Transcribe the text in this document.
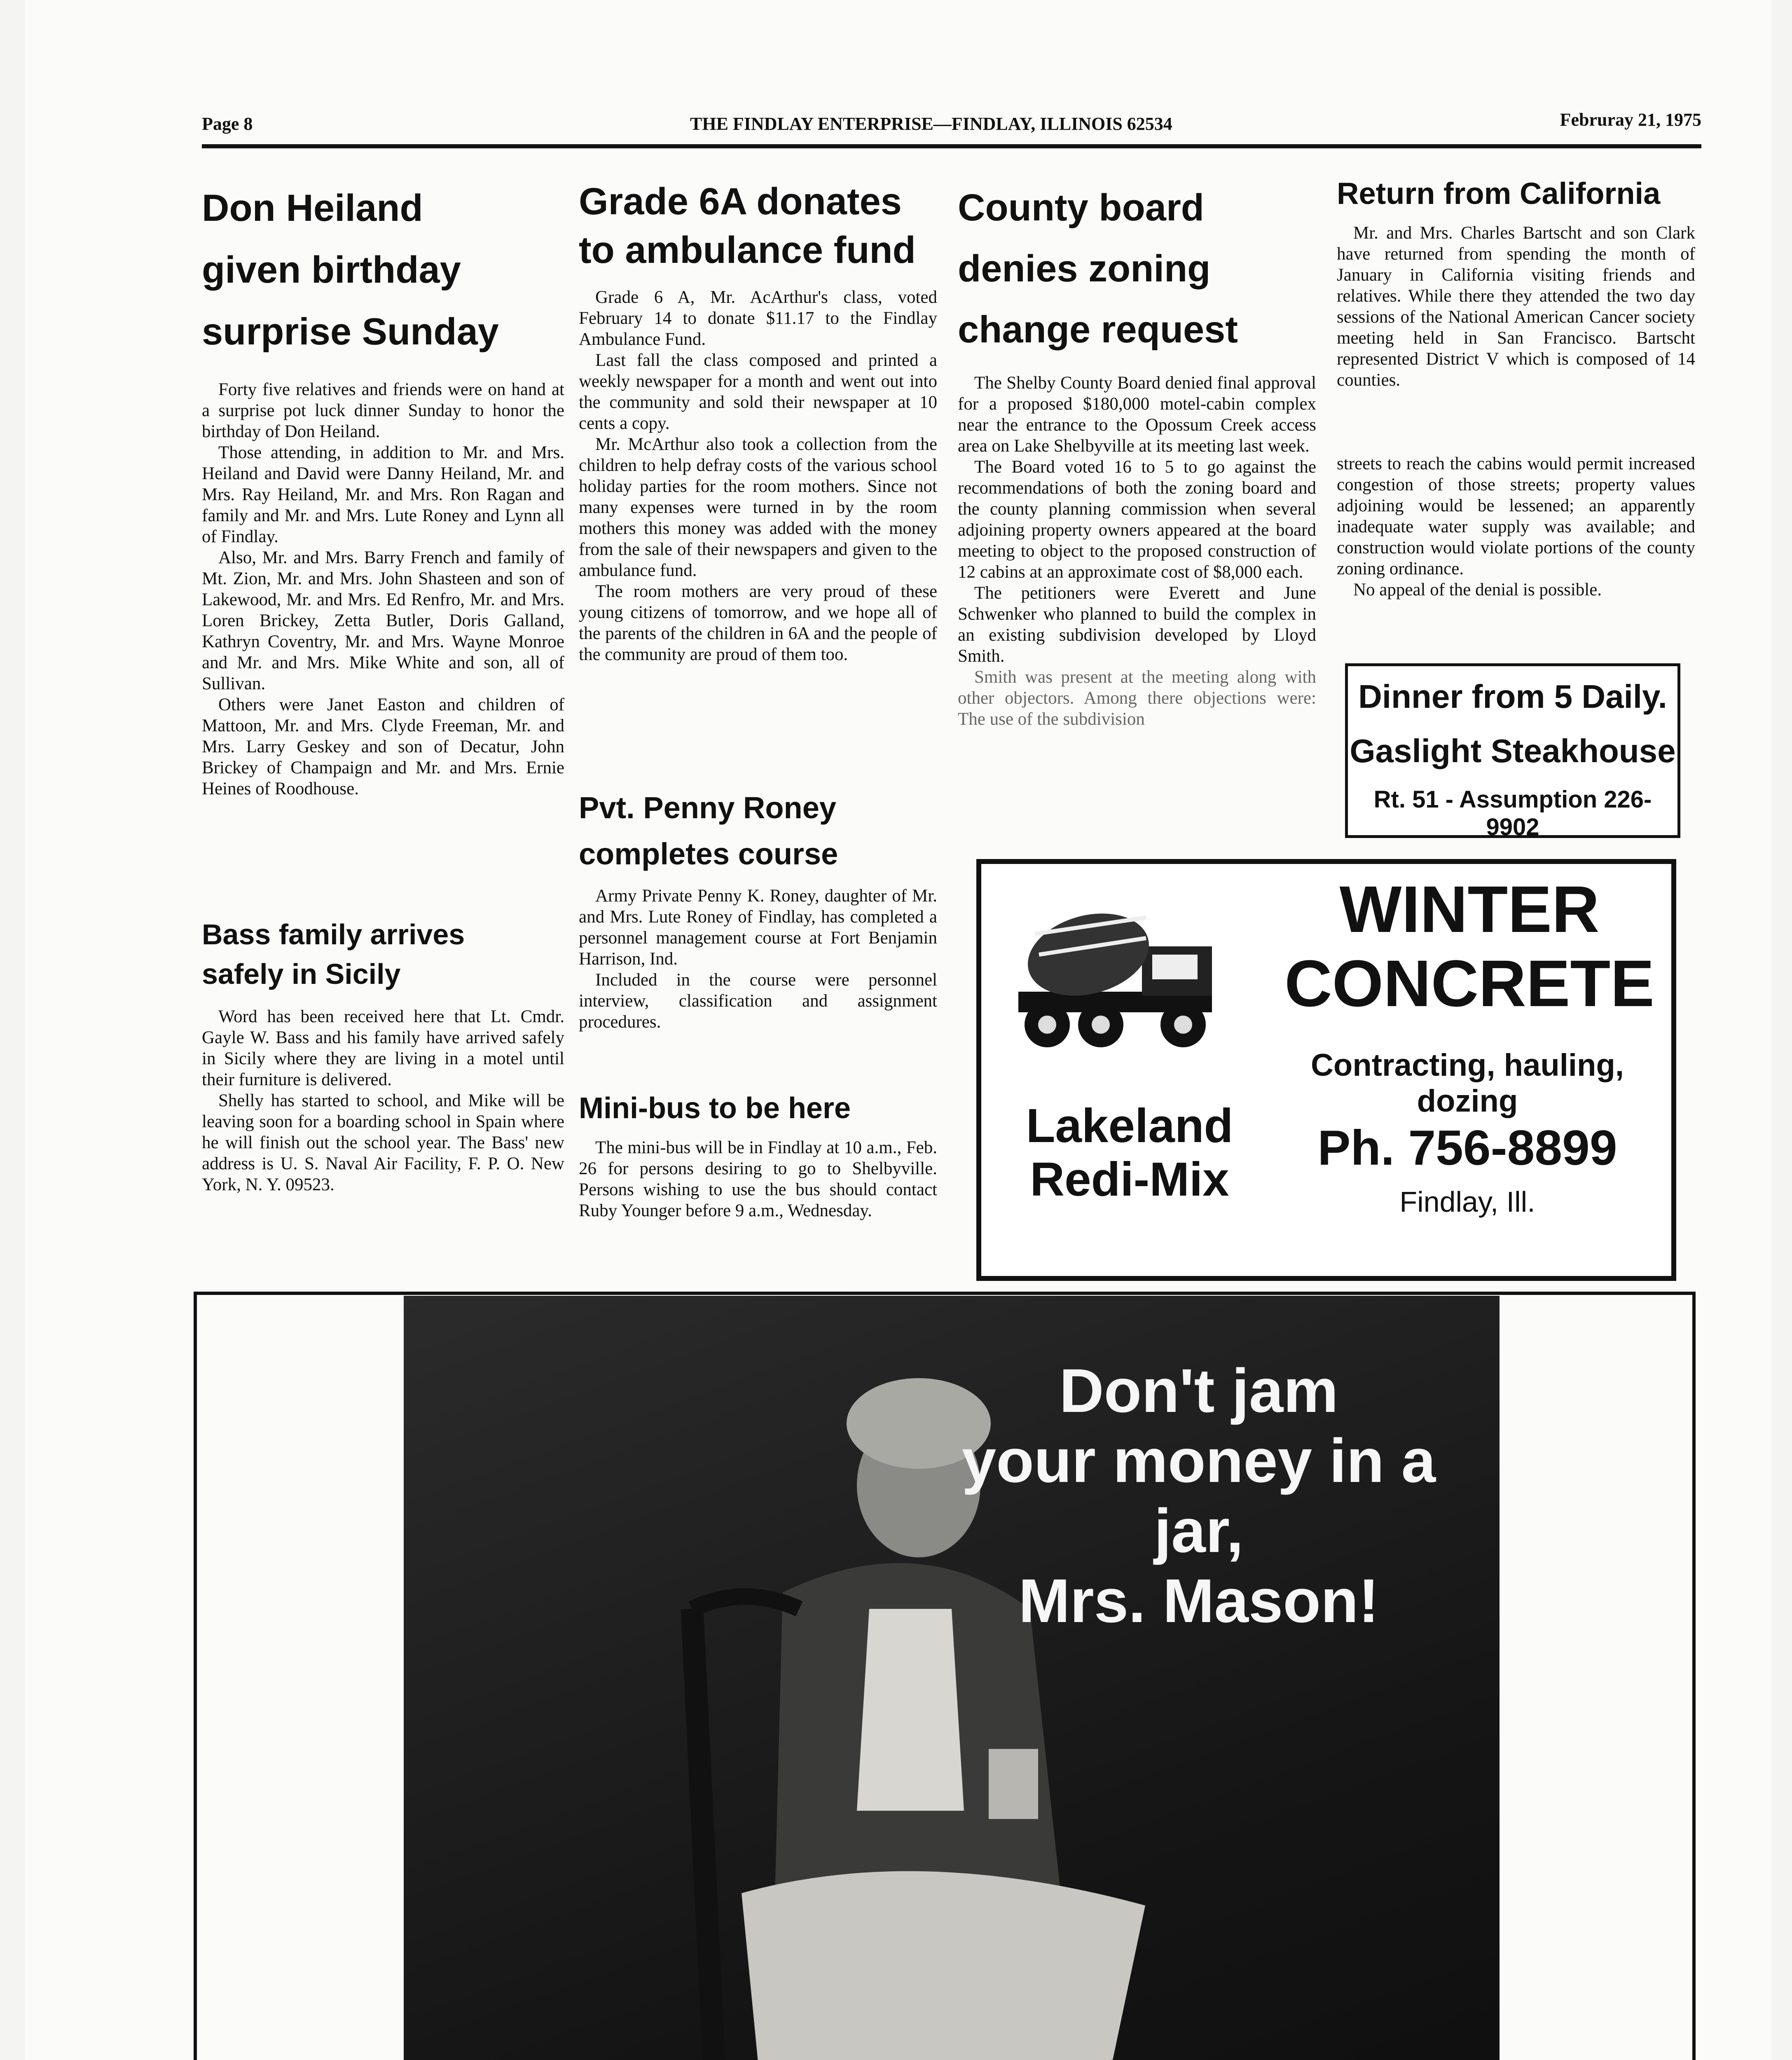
Page 8	THE FINDLAY ENTERPRISE—FINDLAY, ILLINOIS 62534	Februray 21, 1975
Don Heiland
given birthday
surprise Sunday

Forty five relatives and friends were on hand at a surprise pot luck dinner Sunday to honor the birthday of Don Heiland.

Those attending, in addition to Mr. and Mrs. Heiland and David were Danny Heiland, Mr. and Mrs. Ray Heiland, Mr. and Mrs. Ron Ragan and family and Mr. and Mrs. Lute Roney and Lynn all of Findlay.

Also, Mr. and Mrs. Barry French and family of Mt. Zion, Mr. and Mrs. John Shasteen and son of Lakewood, Mr. and Mrs. Ed Renfro, Mr. and Mrs. Loren Brickey, Zetta Butler, Doris Galland, Kathryn Coventry, Mr. and Mrs. Wayne Monroe and Mr. and Mrs. Mike White and son, all of Sullivan.

Others were Janet Easton and children of Mattoon, Mr. and Mrs. Clyde Freeman, Mr. and Mrs. Larry Geskey and son of Decatur, John Brickey of Champaign and Mr. and Mrs. Ernie Heines of Roodhouse.

Bass family arrives
safely in Sicily

Word has been received here that Lt. Cmdr. Gayle W. Bass and his family have arrived safely in Sicily where they are living in a motel until their furniture is delivered.

Shelly has started to school, and Mike will be leaving soon for a boarding school in Spain where he will finish out the school year. The Bass' new address is U. S. Naval Air Facility, F. P. O. New York, N. Y. 09523.

Grade 6A donates
to ambulance fund

Grade 6 A, Mr. AcArthur's class, voted February 14 to donate $11.17 to the Findlay Ambulance Fund.

Last fall the class composed and printed a weekly newspaper for a month and went out into the community and sold their newspaper at 10 cents a copy.

Mr. McArthur also took a collection from the children to help defray costs of the various school holiday parties for the room mothers. Since not many expenses were turned in by the room mothers this money was added with the money from the sale of their newspapers and given to the ambulance fund.

The room mothers are very proud of these young citizens of tomorrow, and we hope all of the parents of the children in 6A and the people of the community are proud of them too.

Pvt. Penny Roney
completes course

Army Private Penny K. Roney, daughter of Mr. and Mrs. Lute Roney of Findlay, has completed a personnel management course at Fort Benjamin Harrison, Ind.

Included in the course were personnel interview, classification and assignment procedures.

Mini-bus to be here

The mini-bus will be in Findlay at 10 a.m., Feb. 26 for persons desiring to go to Shelbyville. Persons wishing to use the bus should contact Ruby Younger before 9 a.m., Wednesday.

County board
denies zoning
change request

The Shelby County Board denied final approval for a proposed $180,000 motel-cabin complex near the entrance to the Opossum Creek access area on Lake Shelbyville at its meeting last week.

The Board voted 16 to 5 to go against the recommendations of both the zoning board and the county planning commission when several adjoining property owners appeared at the board meeting to object to the proposed construction of 12 cabins at an approximate cost of $8,000 each.

The petitioners were Everett and June Schwenker who planned to build the complex in an existing subdivision developed by Lloyd Smith.

Smith was present at the meeting along with other objectors. Among there objections were: The use of the subdivision

Return from California

Mr. and Mrs. Charles Bartscht and son Clark have returned from spending the month of January in California visiting friends and relatives. While there they attended the two day sessions of the National American Cancer society meeting held in San Francisco. Bartscht represented District V which is composed of 14 counties.

streets to reach the cabins would permit increased congestion of those streets; property values adjoining would be lessened; an apparently inadequate water supply was available; and construction would violate portions of the county zoning ordinance.

No appeal of the denial is possible.

Dinner from 5 Daily.
Gaslight Steakhouse
Rt. 51 - Assumption 226-9902
WINTER
CONCRETE
Contracting, hauling, dozing
Lakeland
Redi-Mix
Ph. 756-8899
Findlay, Ill.
Don't jam
your money in a jar,
Mrs. Mason!
